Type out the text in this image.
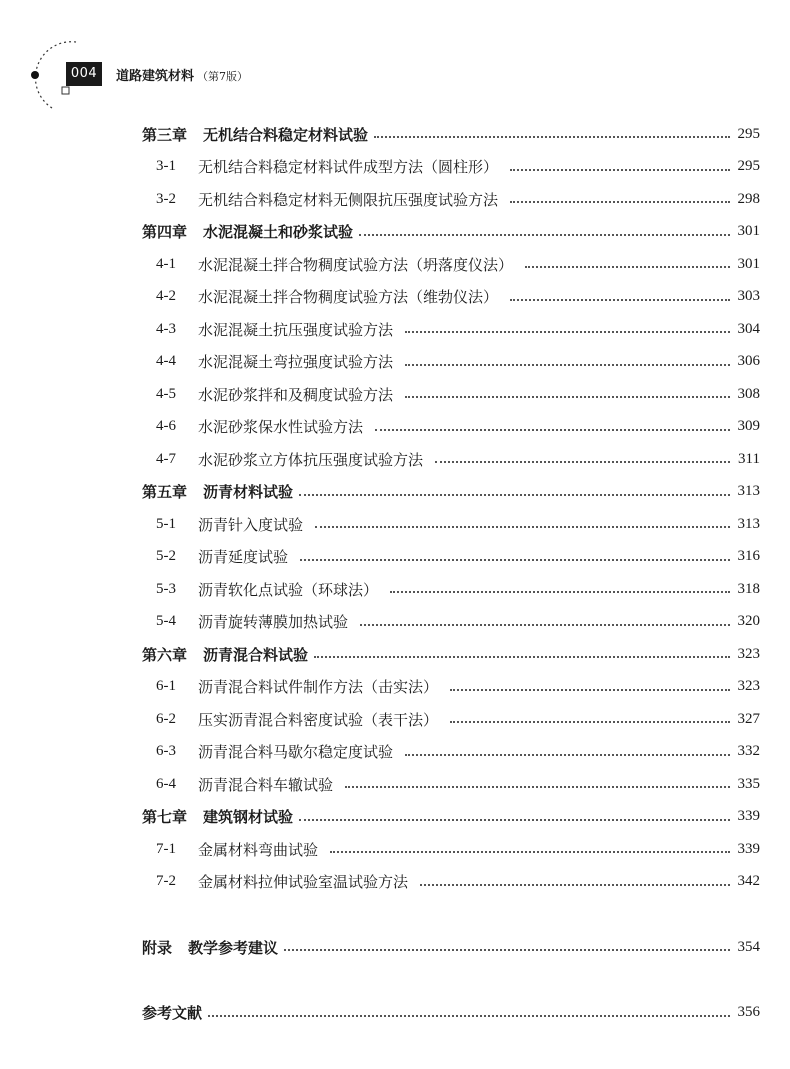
004	道路建筑材料 （第7版）
第三章 无机结合料稳定材料试验	295
3-1	无机结合料稳定材料试件成型方法（圆柱形）	295
3-2	无机结合料稳定材料无侧限抗压强度试验方法	298
第四章 水泥混凝土和砂浆试验	301
4-1	水泥混凝土拌合物稠度试验方法（坍落度仪法）	301
4-2	水泥混凝土拌合物稠度试验方法（维勃仪法）	303
4-3	水泥混凝土抗压强度试验方法	304
4-4	水泥混凝土弯拉强度试验方法	306
4-5	水泥砂浆拌和及稠度试验方法	308
4-6	水泥砂浆保水性试验方法	309
4-7	水泥砂浆立方体抗压强度试验方法	311
第五章 沥青材料试验	313
5-1	沥青针入度试验	313
5-2	沥青延度试验	316
5-3	沥青软化点试验（环球法）	318
5-4	沥青旋转薄膜加热试验	320
第六章 沥青混合料试验	323
6-1	沥青混合料试件制作方法（击实法）	323
6-2	压实沥青混合料密度试验（表干法）	327
6-3	沥青混合料马歇尔稳定度试验	332
6-4	沥青混合料车辙试验	335
第七章 建筑钢材试验	339
7-1	金属材料弯曲试验	339
7-2	金属材料拉伸试验室温试验方法	342
附录 教学参考建议	354
参考文献	356
